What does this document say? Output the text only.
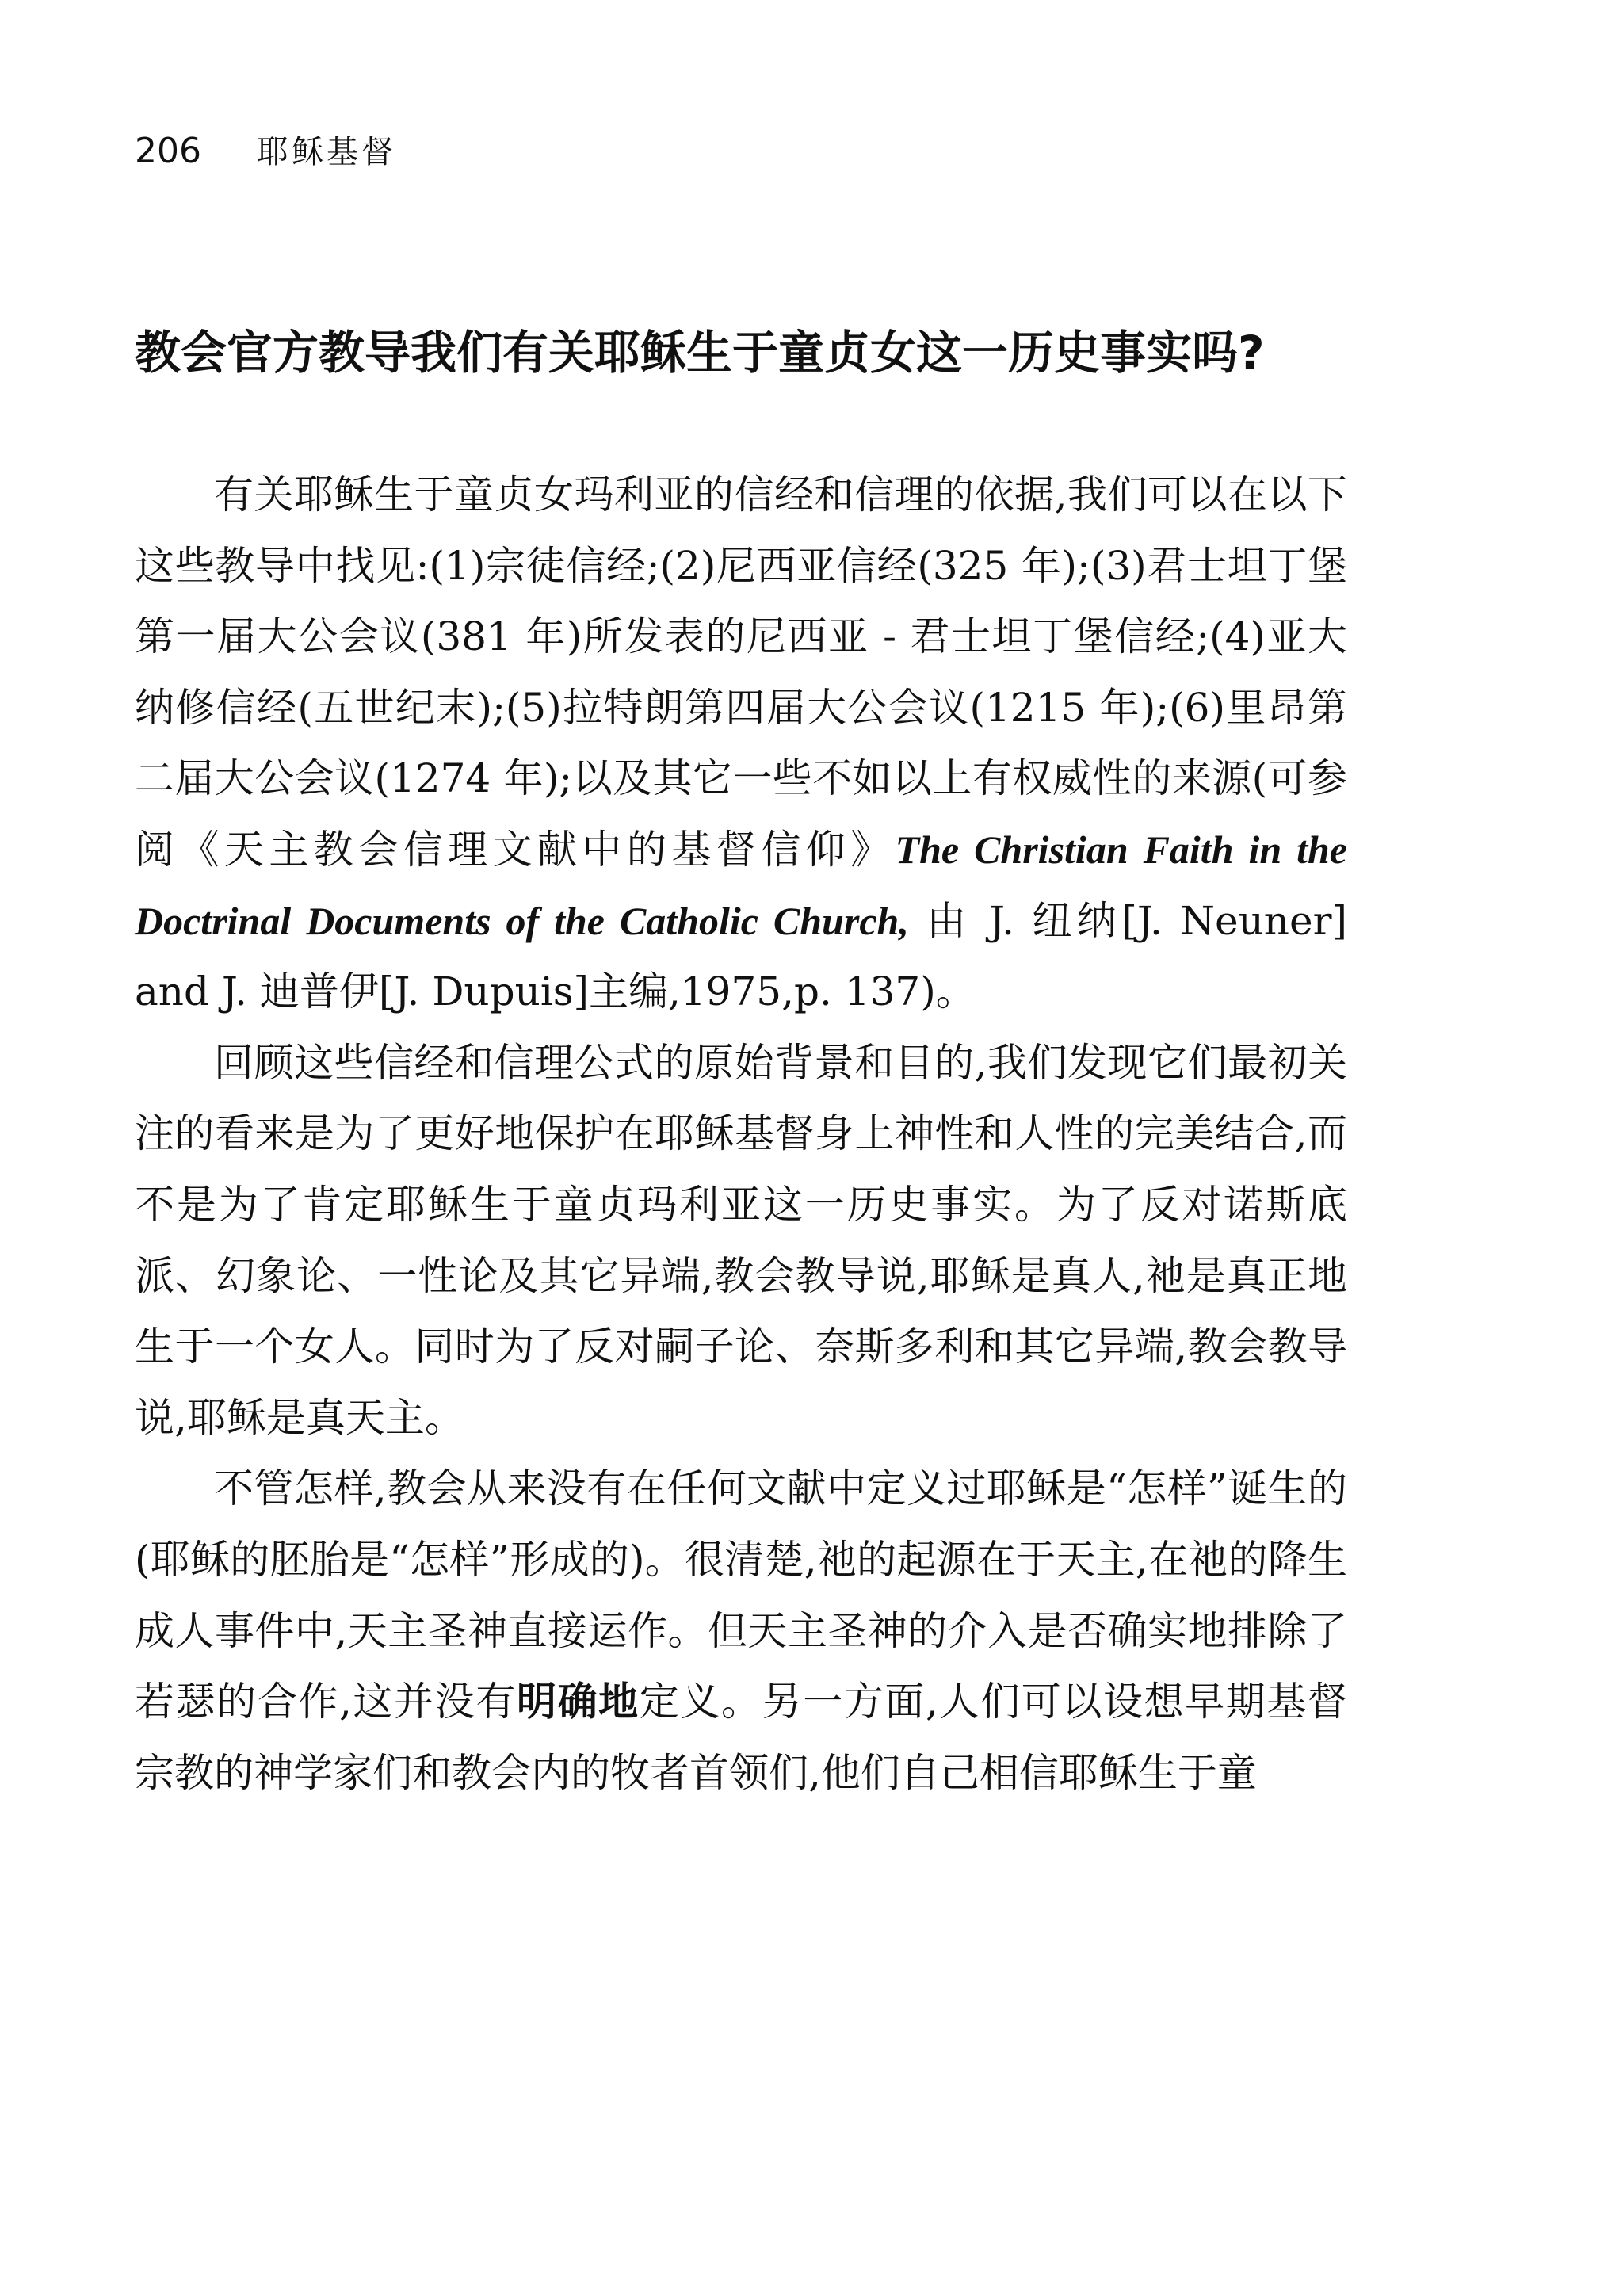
206 耶稣基督
教会官方教导我们有关耶稣生于童贞女这一历史事实吗?

有关耶稣生于童贞女玛利亚的信经和信理的依据,我们可以在以下这些教导中找见:(1)宗徒信经;(2)尼西亚信经(325 年);(3)君士坦丁堡第一届大公会议(381 年)所发表的尼西亚 - 君士坦丁堡信经;(4)亚大纳修信经(五世纪末);(5)拉特朗第四届大公会议(1215 年);(6)里昂第二届大公会议(1274 年);以及其它一些不如以上有权威性的来源(可参阅《天主教会信理文献中的基督信仰》The Christian Faith in the Doctrinal Documents of the Catholic Church, 由 J. 纽纳[J. Neuner] and J. 迪普伊[J. Dupuis]主编,1975,p. 137)。

回顾这些信经和信理公式的原始背景和目的,我们发现它们最初关注的看来是为了更好地保护在耶稣基督身上神性和人性的完美结合,而不是为了肯定耶稣生于童贞玛利亚这一历史事实。为了反对诺斯底派、幻象论、一性论及其它异端,教会教导说,耶稣是真人,祂是真正地生于一个女人。同时为了反对嗣子论、奈斯多利和其它异端,教会教导说,耶稣是真天主。

不管怎样,教会从来没有在任何文献中定义过耶稣是“怎样”诞生的(耶稣的胚胎是“怎样”形成的)。很清楚,祂的起源在于天主,在祂的降生成人事件中,天主圣神直接运作。但天主圣神的介入是否确实地排除了若瑟的合作,这并没有明确地定义。另一方面,人们可以设想早期基督宗教的神学家们和教会内的牧者首领们,他们自己相信耶稣生于童
